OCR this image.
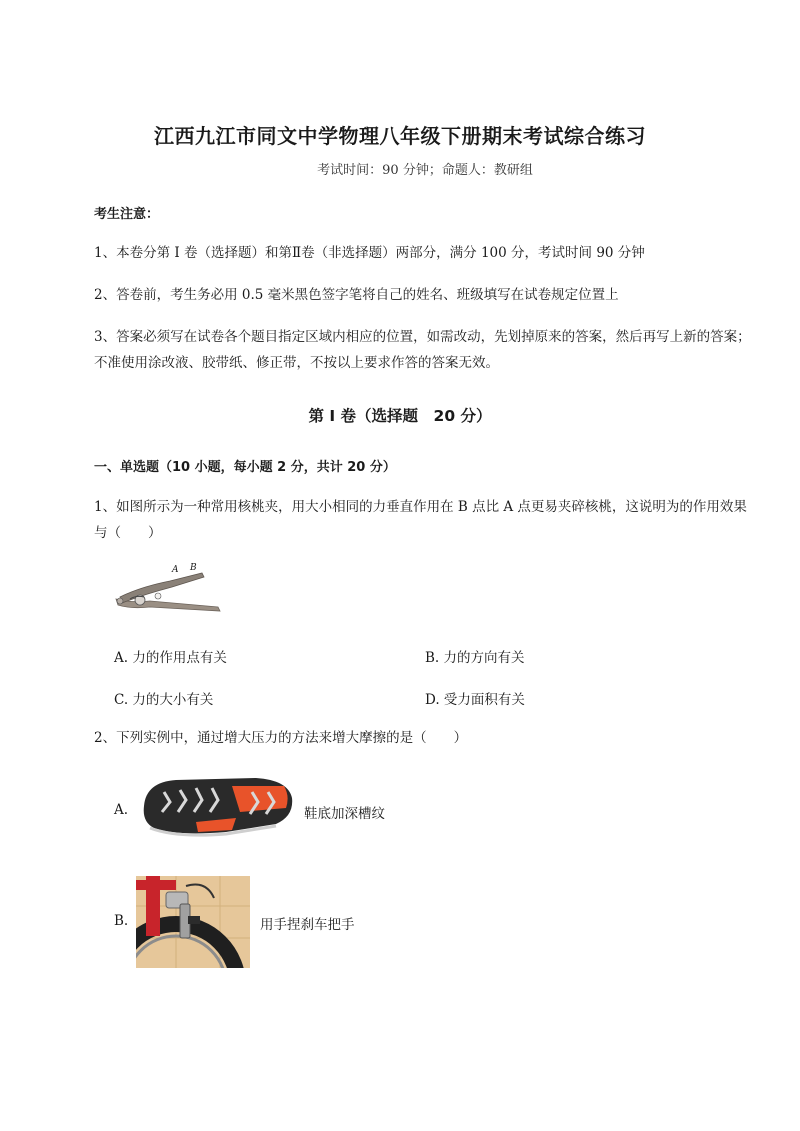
江西九江市同文中学物理八年级下册期末考试综合练习
考试时间：90 分钟；命题人：教研组
考生注意：
1、本卷分第 I 卷（选择题）和第Ⅱ卷（非选择题）两部分，满分 100 分，考试时间 90 分钟
2、答卷前，考生务必用 0.5 毫米黑色签字笔将自己的姓名、班级填写在试卷规定位置上
3、答案必须写在试卷各个题目指定区域内相应的位置，如需改动，先划掉原来的答案，然后再写上新的答案；不准使用涂改液、胶带纸、修正带，不按以上要求作答的答案无效。
第 I 卷（选择题　20 分）
一、单选题（10 小题，每小题 2 分，共计 20 分）
1、如图所示为一种常用核桃夹，用大小相同的力垂直作用在 B 点比 A 点更易夹碎核桃，这说明为的作用效果与（　　）
A B
A. 力的作用点有关	B. 力的方向有关
C. 力的大小有关	D. 受力面积有关
2、下列实例中，通过增大压力的方法来增大摩擦的是（　　）
A.	鞋底加深槽纹
B.	用手捏刹车把手
